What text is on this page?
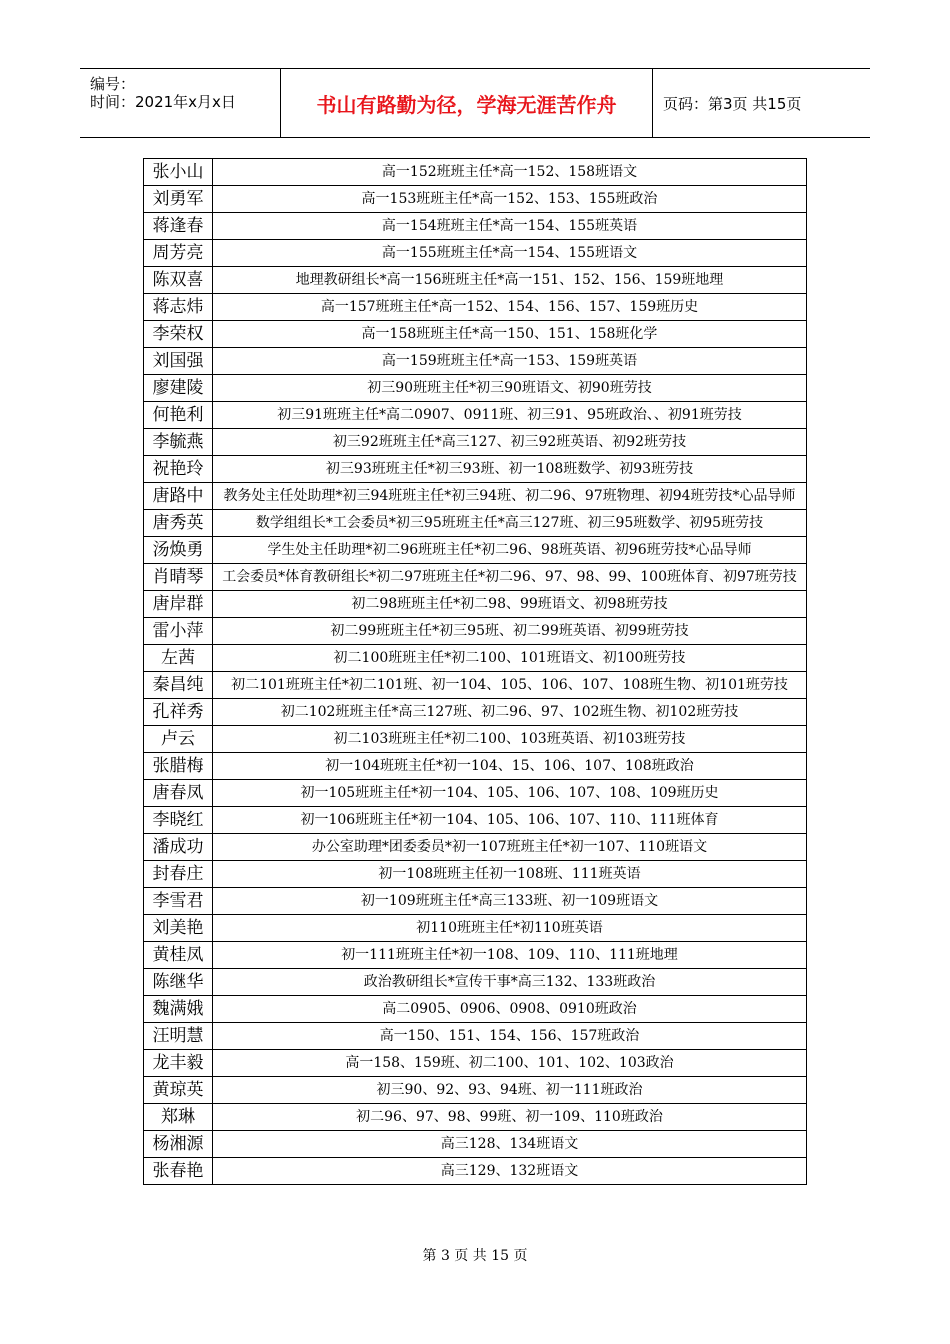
编号：
时间：2021年x月x日	书山有路勤为径，学海无涯苦作舟	页码：第3页 共15页
张小山	高一152班班主任*高一152、158班语文
刘勇军	高一153班班主任*高一152、153、155班政治
蒋逢春	高一154班班主任*高一154、155班英语
周芳亮	高一155班班主任*高一154、155班语文
陈双喜	地理教研组长*高一156班班主任*高一151、152、156、159班地理
蒋志炜	高一157班班主任*高一152、154、156、157、159班历史
李荣权	高一158班班主任*高一150、151、158班化学
刘国强	高一159班班主任*高一153、159班英语
廖建陵	初三90班班主任*初三90班语文、初90班劳技
何艳利	初三91班班主任*高二0907、0911班、初三91、95班政治、、初91班劳技
李毓燕	初三92班班主任*高三127、初三92班英语、初92班劳技
祝艳玲	初三93班班主任*初三93班、初一108班数学、初93班劳技
唐路中	教务处主任处助理*初三94班班主任*初三94班、初二96、97班物理、初94班劳技*心品导师
唐秀英	数学组组长*工会委员*初三95班班主任*高三127班、初三95班数学、初95班劳技
汤焕勇	学生处主任助理*初二96班班主任*初二96、98班英语、初96班劳技*心品导师
肖晴琴	工会委员*体育教研组长*初二97班班主任*初二96、97、98、99、100班体育、初97班劳技
唐岸群	初二98班班主任*初二98、99班语文、初98班劳技
雷小萍	初二99班班主任*初三95班、初二99班英语、初99班劳技
左茜	初二100班班主任*初二100、101班语文、初100班劳技
秦昌纯	初二101班班主任*初二101班、初一104、105、106、107、108班生物、初101班劳技
孔祥秀	初二102班班主任*高三127班、初二96、97、102班生物、初102班劳技
卢云	初二103班班主任*初二100、103班英语、初103班劳技
张腊梅	初一104班班主任*初一104、15、106、107、108班政治
唐春凤	初一105班班主任*初一104、105、106、107、108、109班历史
李晓红	初一106班班主任*初一104、105、106、107、110、111班体育
潘成功	办公室助理*团委委员*初一107班班主任*初一107、110班语文
封春庄	初一108班班主任初一108班、111班英语
李雪君	初一109班班主任*高三133班、初一109班语文
刘美艳	初110班班主任*初110班英语
黄桂凤	初一111班班主任*初一108、109、110、111班地理
陈继华	政治教研组长*宣传干事*高三132、133班政治
魏满娥	高二0905、0906、0908、0910班政治
汪明慧	高一150、151、154、156、157班政治
龙丰毅	高一158、159班、初二100、101、102、103政治
黄琼英	初三90、92、93、94班、初一111班政治
郑琳	初二96、97、98、99班、初一109、110班政治
杨湘源	高三128、134班语文
张春艳	高三129、132班语文
第 3 页 共 15 页
